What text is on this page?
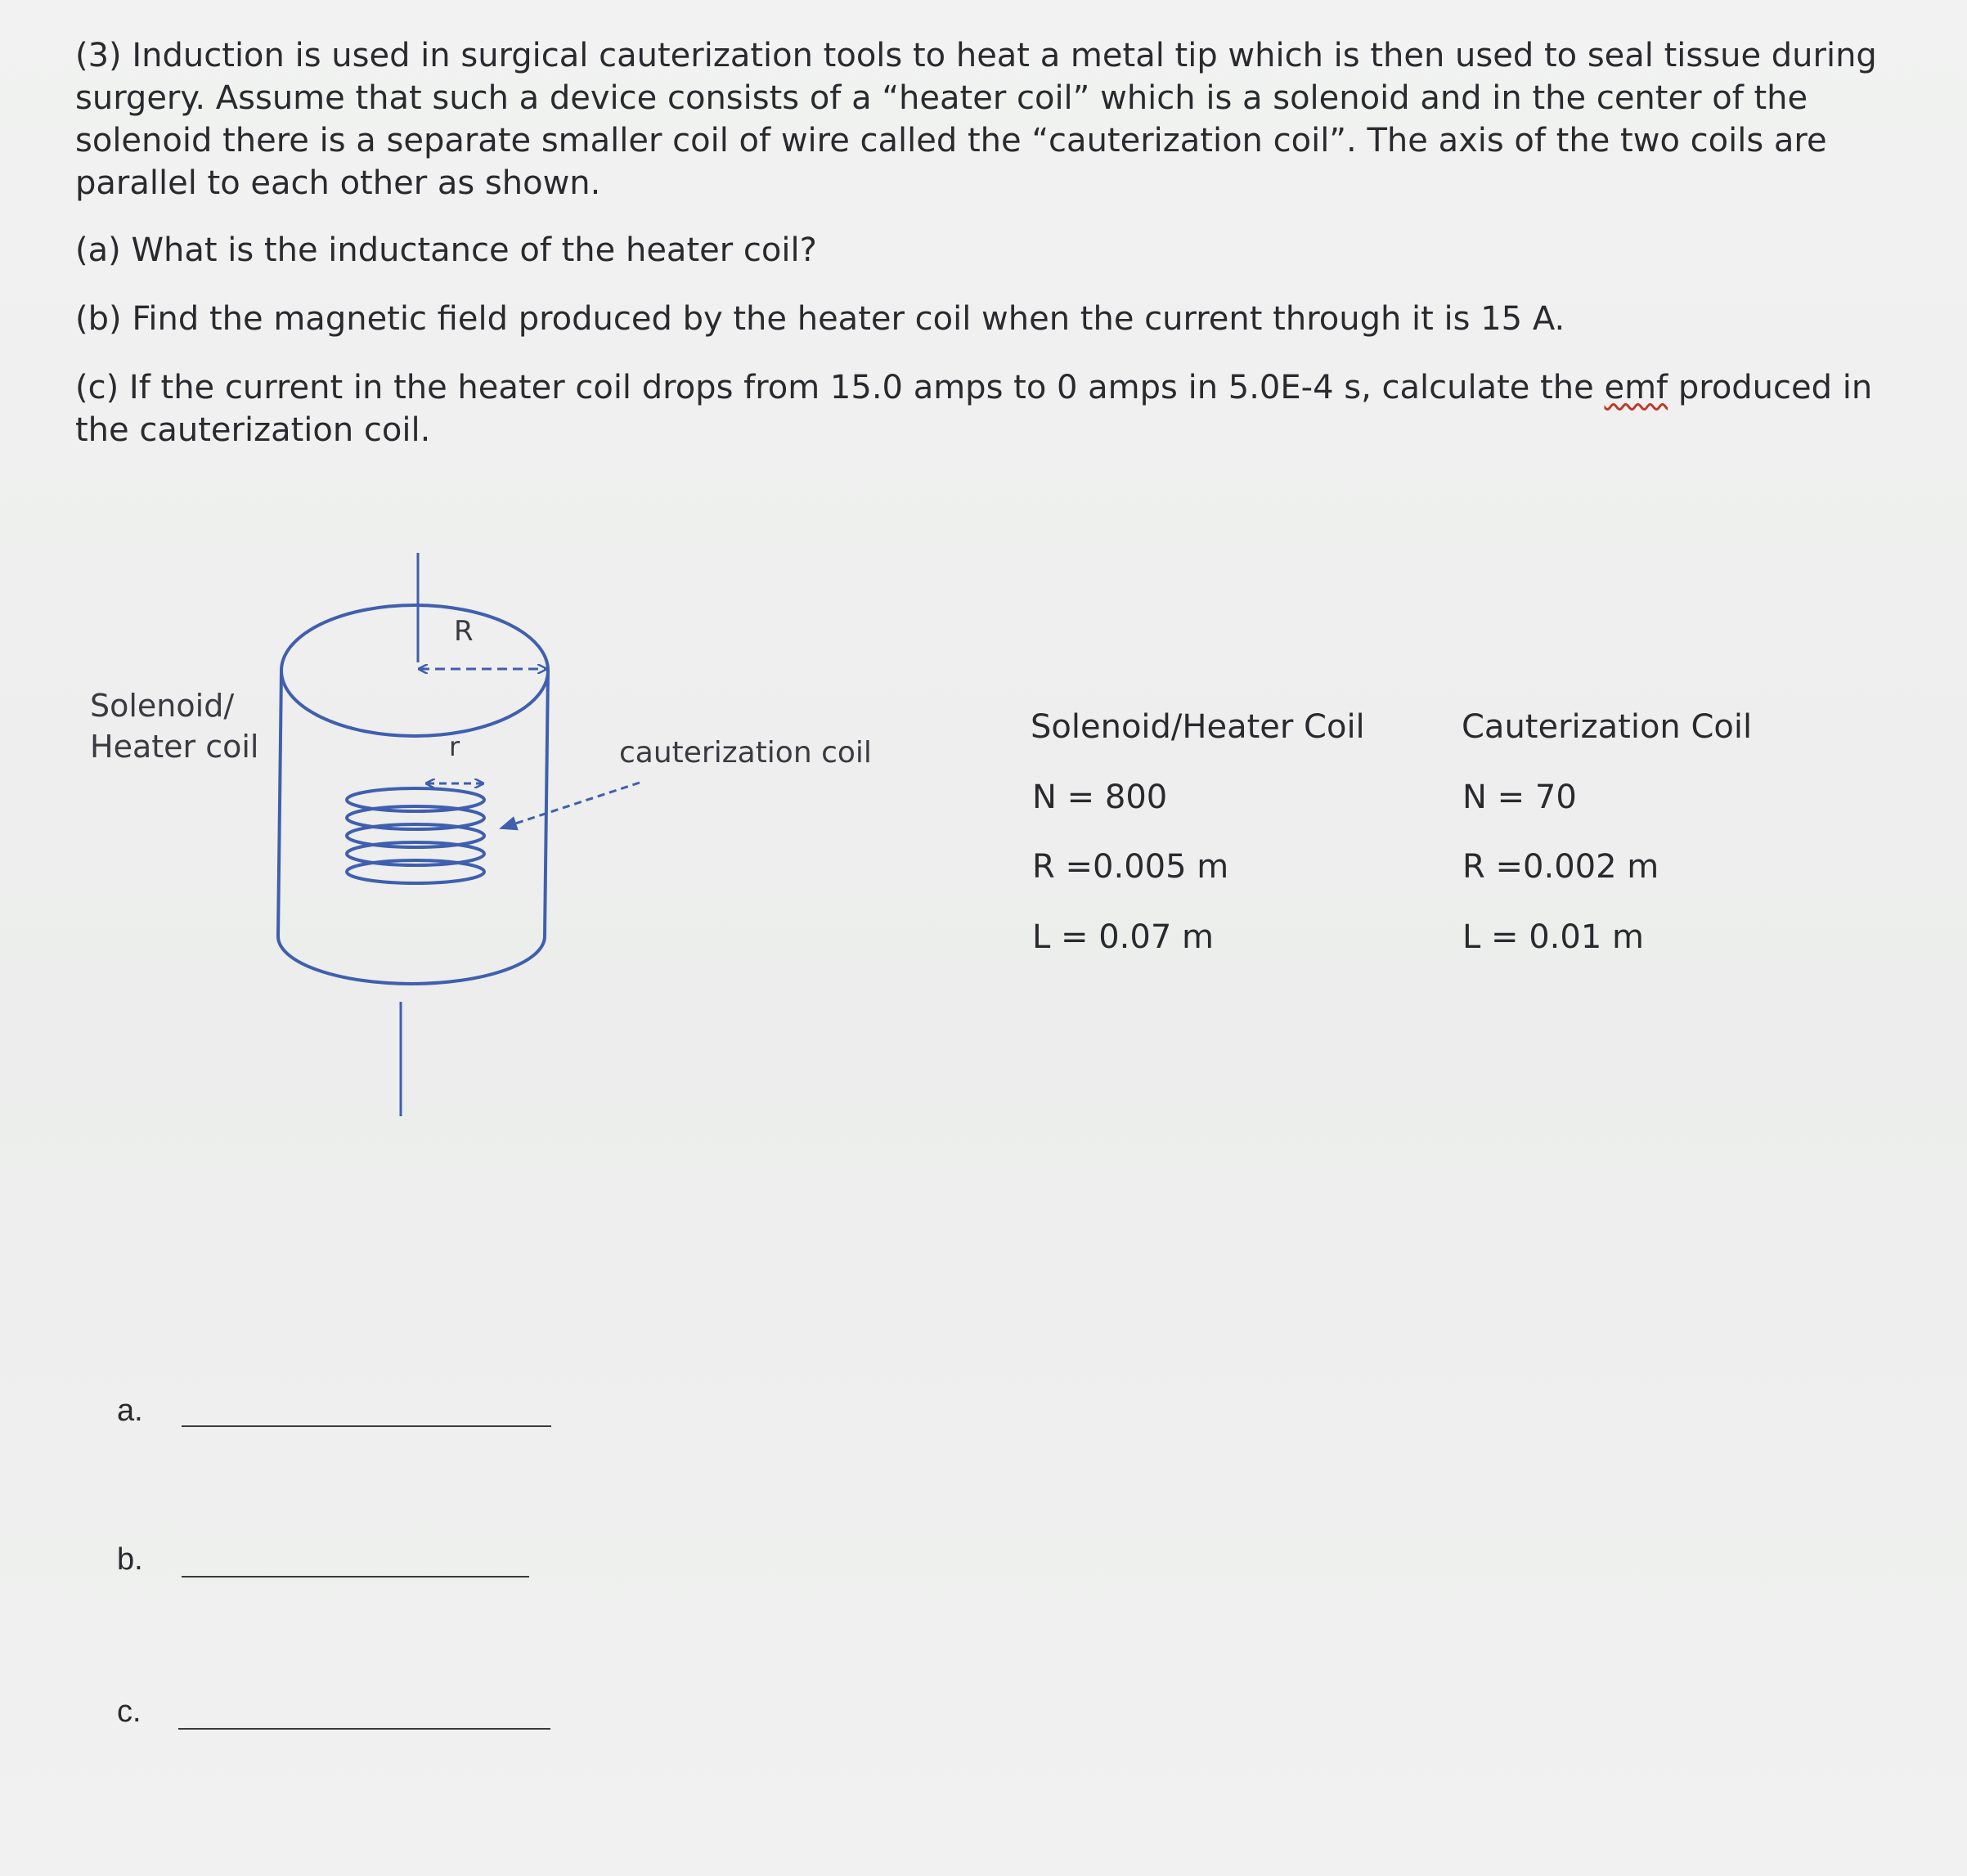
(3) Induction is used in surgical cauterization tools to heat a metal tip which is then used to seal tissue during surgery. Assume that such a device consists of a “heater coil” which is a solenoid and in the center of the solenoid there is a separate smaller coil of wire called the “cauterization coil”. The axis of the two coils are parallel to each other as shown.

(a) What is the inductance of the heater coil?

(b) Find the magnetic field produced by the heater coil when the current through it is 15 A.

(c) If the current in the heater coil drops from 15.0 amps to 0 amps in 5.0E-4 s, calculate the emf produced in the cauterization coil.

Solenoid/
Heater coil
R
r	cauterization coil
Solenoid/Heater Coil
N = 800
R =0.005 m
L = 0.07 m
Cauterization Coil
N = 70
R =0.002 m
L = 0.01 m
a.
b.
c.
